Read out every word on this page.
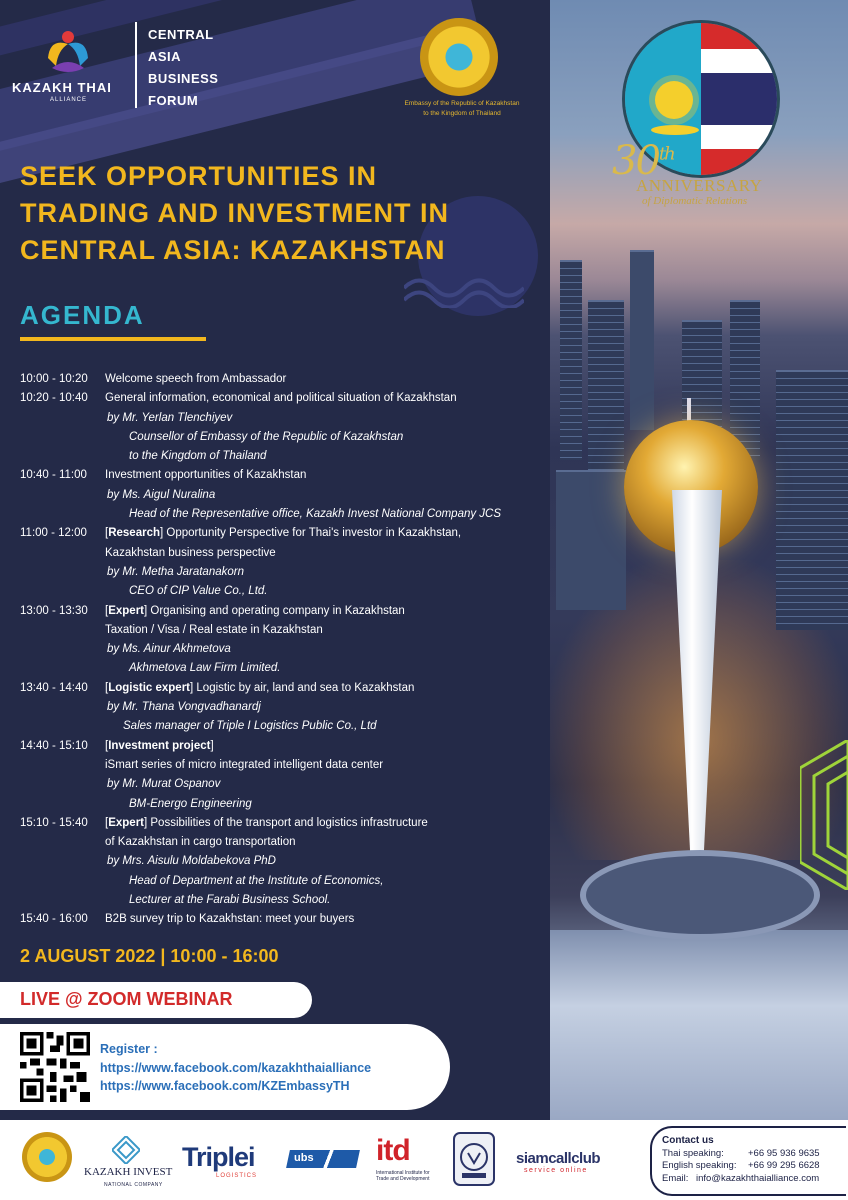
30th
ANNIVERSARY
of Diplomatic Relations
KAZAKH THAI
ALLIANCE
CENTRAL
ASIA
BUSINESS
FORUM	Embassy of the Republic of Kazakhstan
to the Kingdom of Thailand
SEEK OPPORTUNITIES IN
TRADING AND INVESTMENT IN
CENTRAL ASIA: KAZAKHSTAN
AGENDA
10:00 - 10:20	Welcome speech from Ambassador
10:20 - 10:40	General information, economical and political situation of Kazakhstan
by Mr. Yerlan Tlenchiyev
Counsellor of Embassy of the Republic of Kazakhstan
to the Kingdom of Thailand
10:40 - 11:00	Investment opportunities of Kazakhstan
by Ms. Aigul Nuralina
Head of the Representative office, Kazakh Invest National Company JCS
11:00 - 12:00	[Research] Opportunity Perspective for Thai's investor in Kazakhstan,
Kazakhstan business perspective
by Mr. Metha Jaratanakorn
CEO of CIP Value Co., Ltd.
13:00 - 13:30	[Expert] Organising and operating company in Kazakhstan
Taxation / Visa / Real estate in Kazakhstan
by Ms. Ainur Akhmetova
Akhmetova Law Firm Limited.
13:40 - 14:40	[Logistic expert] Logistic by air, land and sea to Kazakhstan
by Mr. Thana Vongvadhanardj
Sales manager of Triple I Logistics Public Co., Ltd
14:40 - 15:10	[Investment project]
iSmart series of micro integrated intelligent data center
by Mr. Murat Ospanov
BM-Energo Engineering
15:10 - 15:40	[Expert] Possibilities of the transport and logistics infrastructure
of Kazakhstan in cargo transportation
by Mrs. Aisulu Moldabekova PhD
Head of Department at the Institute of Economics,
Lecturer at the Farabi Business School.
15:40 - 16:00	B2B survey trip to Kazakhstan: meet your buyers
2 AUGUST 2022 | 10:00 - 16:00
LIVE @ ZOOM WEBINAR
Register :
https://www.facebook.com/kazakhthaialliance
https://www.facebook.com/KZEmbassyTH
KAZAKH INVEST
NATIONAL COMPANY
Triplei
LOGISTICS
ubs itd
International Institute for Trade and Development
siamcallclub
service online
Contact us
Thai speaking:	+66 95 936 9635
English speaking:	+66 99 295 6628
Email: info@kazakhthaialliance.com
